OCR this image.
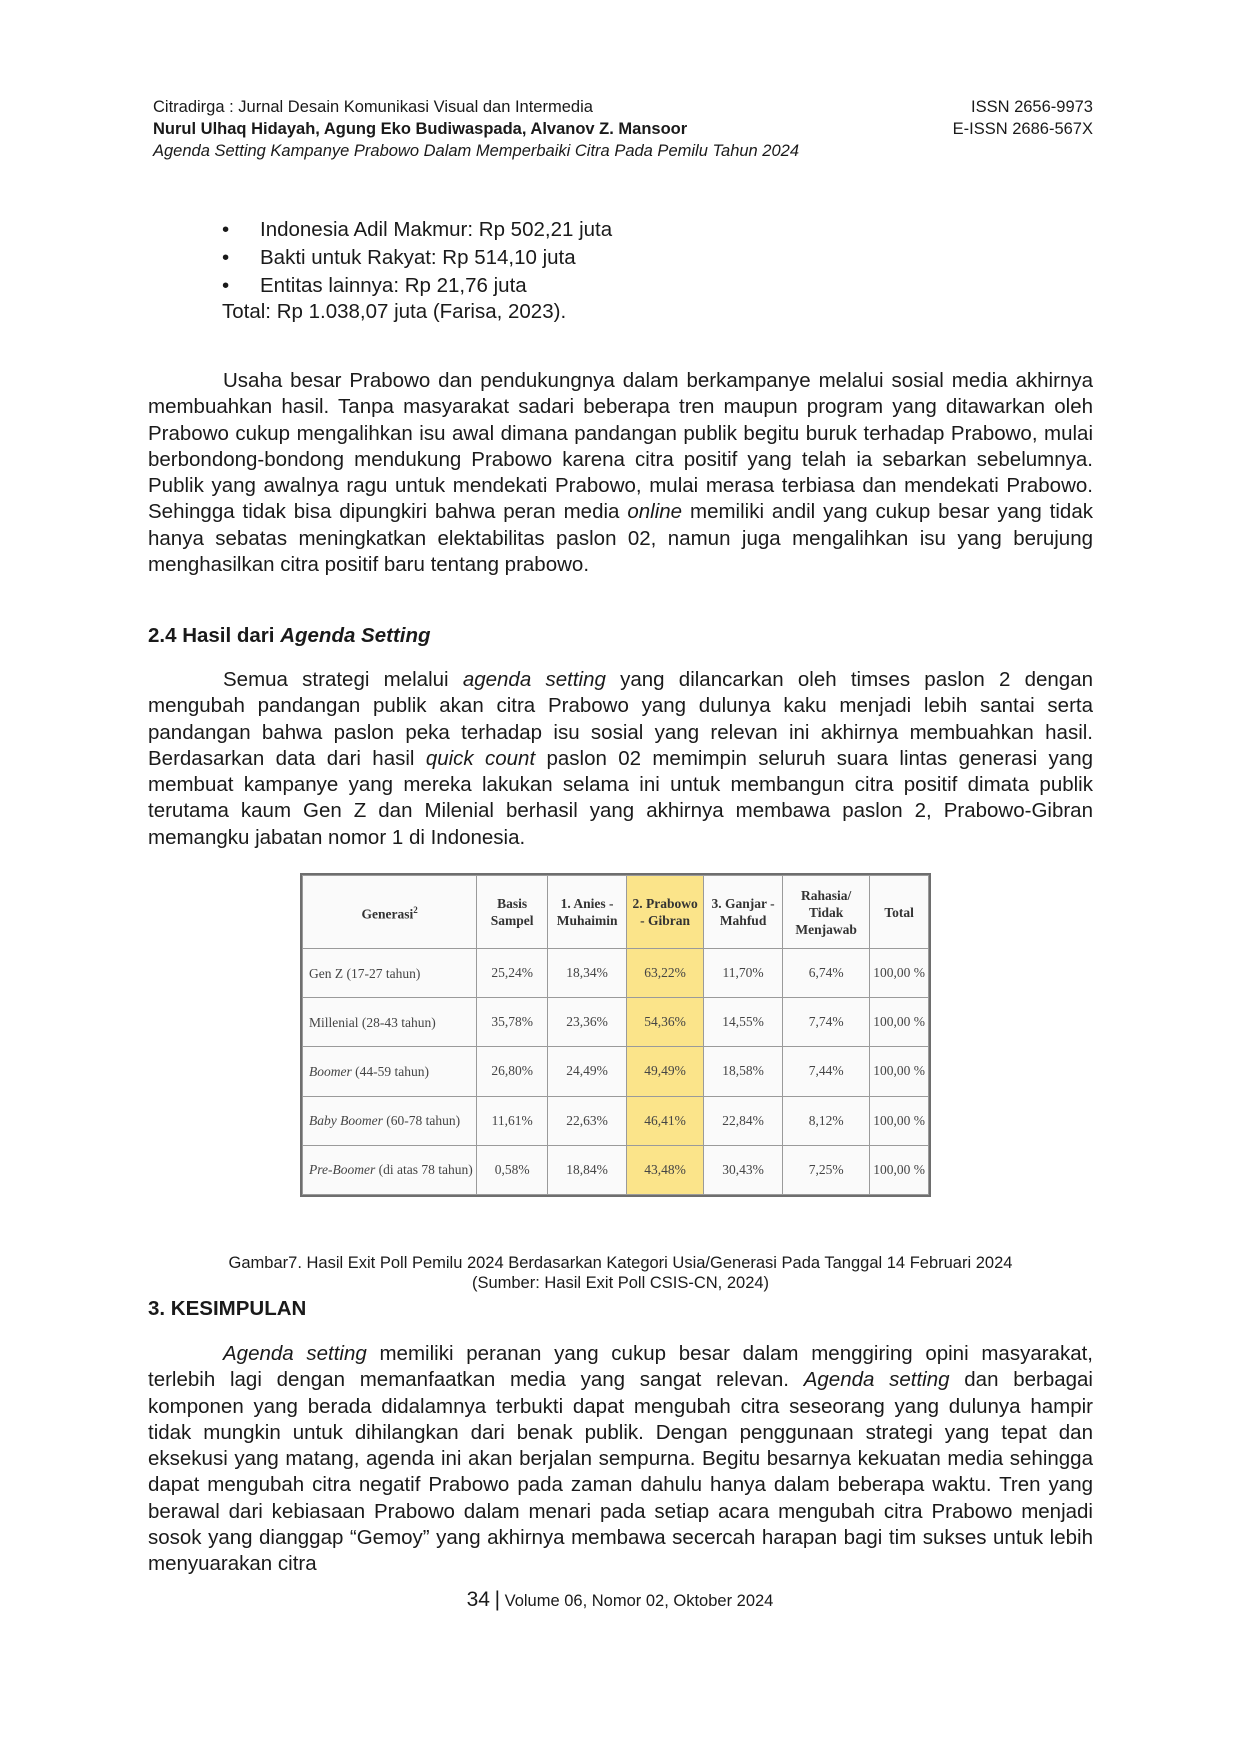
Citradirga : Jurnal Desain Komunikasi Visual dan Intermedia
Nurul Ulhaq Hidayah, Agung Eko Budiwaspada, Alvanov Z. Mansoor
Agenda Setting Kampanye Prabowo Dalam Memperbaiki Citra Pada Pemilu Tahun 2024
ISSN 2656-9973
E-ISSN 2686-567X
• Indonesia Adil Makmur: Rp 502,21 juta
• Bakti untuk Rakyat: Rp 514,10 juta
• Entitas lainnya: Rp 21,76 juta
Total: Rp 1.038,07 juta (Farisa, 2023).
Usaha besar Prabowo dan pendukungnya dalam berkampanye melalui sosial media akhirnya membuahkan hasil. Tanpa masyarakat sadari beberapa tren maupun program yang ditawarkan oleh Prabowo cukup mengalihkan isu awal dimana pandangan publik begitu buruk terhadap Prabowo, mulai berbondong-bondong mendukung Prabowo karena citra positif yang telah ia sebarkan sebelumnya. Publik yang awalnya ragu untuk mendekati Prabowo, mulai merasa terbiasa dan mendekati Prabowo. Sehingga tidak bisa dipungkiri bahwa peran media online memiliki andil yang cukup besar yang tidak hanya sebatas meningkatkan elektabilitas paslon 02, namun juga mengalihkan isu yang berujung menghasilkan citra positif baru tentang prabowo.
2.4 Hasil dari Agenda Setting
Semua strategi melalui agenda setting yang dilancarkan oleh timses paslon 2 dengan mengubah pandangan publik akan citra Prabowo yang dulunya kaku menjadi lebih santai serta pandangan bahwa paslon peka terhadap isu sosial yang relevan ini akhirnya membuahkan hasil. Berdasarkan data dari hasil quick count paslon 02 memimpin seluruh suara lintas generasi yang membuat kampanye yang mereka lakukan selama ini untuk membangun citra positif dimata publik terutama kaum Gen Z dan Milenial berhasil yang akhirnya membawa paslon 2, Prabowo-Gibran memangku jabatan nomor 1 di Indonesia.
Generasi$^2$	Basis Sampel	1. Anies - Muhaimin	2. Prabowo - Gibran	3. Ganjar - Mahfud	Rahasia/ Tidak Menjawab	Total
Gen Z (17-27 tahun)	25,24%	18,34%	63,22%	11,70%	6,74%	100,00 %
Millenial (28-43 tahun)	35,78%	23,36%	54,36%	14,55%	7,74%	100,00 %
Boomer (44-59 tahun)	26,80%	24,49%	49,49%	18,58%	7,44%	100,00 %
Baby Boomer (60-78 tahun)	11,61%	22,63%	46,41%	22,84%	8,12%	100,00 %
Pre-Boomer (di atas 78 tahun)	0,58%	18,84%	43,48%	30,43%	7,25%	100,00 %
Gambar7. Hasil Exit Poll Pemilu 2024 Berdasarkan Kategori Usia/Generasi Pada Tanggal 14 Februari 2024
(Sumber: Hasil Exit Poll CSIS-CN, 2024)
3. KESIMPULAN
Agenda setting memiliki peranan yang cukup besar dalam menggiring opini masyarakat, terlebih lagi dengan memanfaatkan media yang sangat relevan. Agenda setting dan berbagai komponen yang berada didalamnya terbukti dapat mengubah citra seseorang yang dulunya hampir tidak mungkin untuk dihilangkan dari benak publik. Dengan penggunaan strategi yang tepat dan eksekusi yang matang, agenda ini akan berjalan sempurna. Begitu besarnya kekuatan media sehingga dapat mengubah citra negatif Prabowo pada zaman dahulu hanya dalam beberapa waktu. Tren yang berawal dari kebiasaan Prabowo dalam menari pada setiap acara mengubah citra Prabowo menjadi sosok yang dianggap “Gemoy” yang akhirnya membawa secercah harapan bagi tim sukses untuk lebih menyuarakan citra
34 | Volume 06, Nomor 02, Oktober 2024
